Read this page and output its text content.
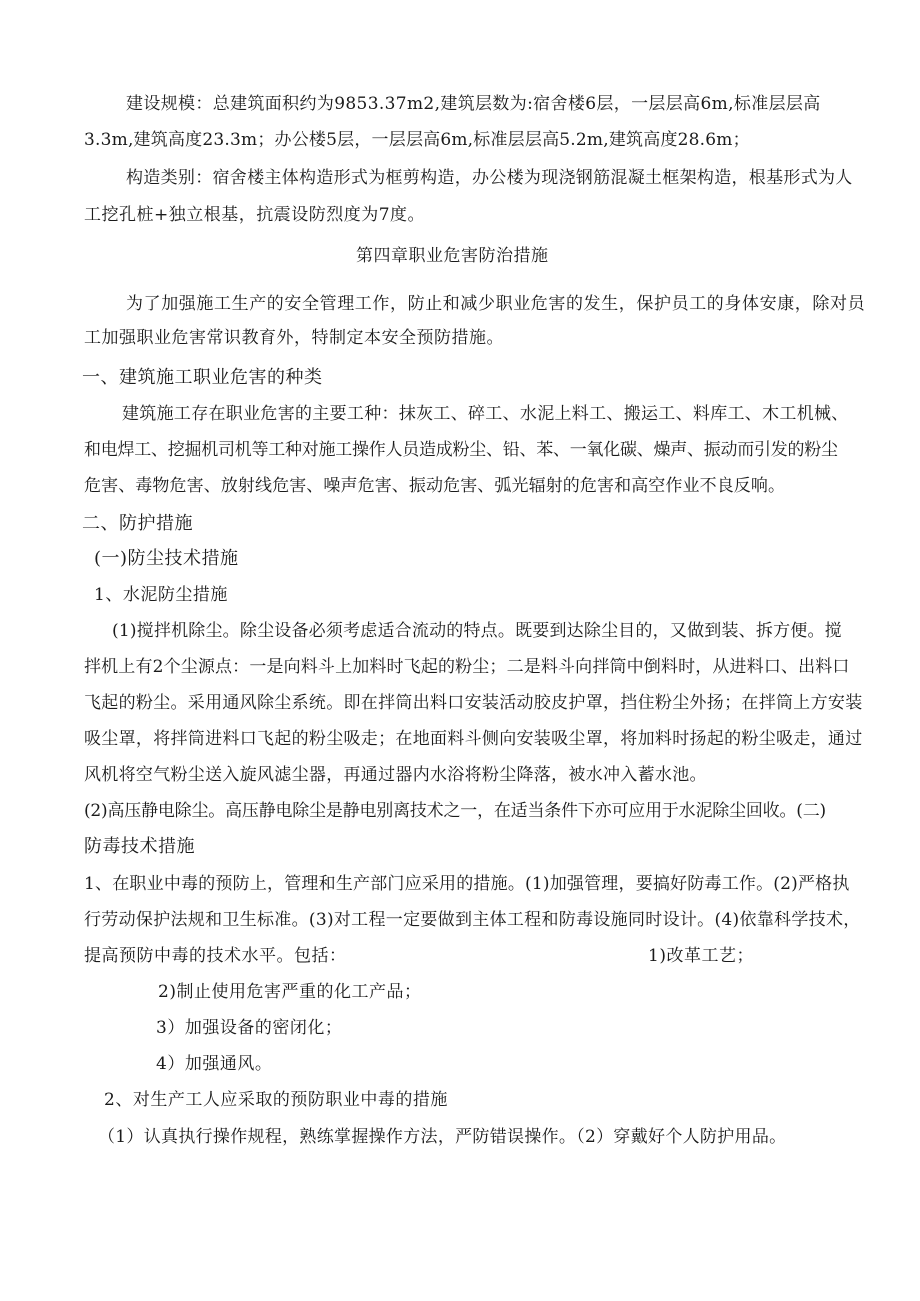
建设规模：总建筑面积约为9853.37m2,建筑层数为:宿舍楼6层，一层层高6m,标准层层高
3.3m,建筑高度23.3m；办公楼5层，一层层高6m,标准层层高5.2m,建筑高度28.6m；
构造类别：宿舍楼主体构造形式为框剪构造，办公楼为现浇钢筋混凝土框架构造，根基形式为人
工挖孔桩+独立根基，抗震设防烈度为7度。
第四章职业危害防治措施
为了加强施工生产的安全管理工作，防止和减少职业危害的发生，保护员工的身体安康，除对员
工加强职业危害常识教育外，特制定本安全预防措施。
一、建筑施工职业危害的种类
建筑施工存在职业危害的主要工种：抹灰工、碎工、水泥上料工、搬运工、料库工、木工机械、
和电焊工、挖掘机司机等工种对施工操作人员造成粉尘、铅、苯、一氧化碳、燥声、振动而引发的粉尘
危害、毒物危害、放射线危害、噪声危害、振动危害、弧光辐射的危害和高空作业不良反响。
二、防护措施
(一)防尘技术措施
1、水泥防尘措施
(1)搅拌机除尘。除尘设备必须考虑适合流动的特点。既要到达除尘目的，又做到装、拆方便。搅
拌机上有2个尘源点：一是向料斗上加料时飞起的粉尘；二是料斗向拌筒中倒料时，从进料口、出料口
飞起的粉尘。采用通风除尘系统。即在拌筒出料口安装活动胶皮护罩，挡住粉尘外扬；在拌筒上方安装
吸尘罩，将拌筒进料口飞起的粉尘吸走；在地面料斗侧向安装吸尘罩，将加料时扬起的粉尘吸走，通过
风机将空气粉尘送入旋风滤尘器，再通过器内水浴将粉尘降落，被水冲入蓄水池。
(2)高压静电除尘。高压静电除尘是静电别离技术之一，在适当条件下亦可应用于水泥除尘回收。(二)
防毒技术措施
1、在职业中毒的预防上，管理和生产部门应采用的措施。(1)加强管理，要搞好防毒工作。(2)严格执
行劳动保护法规和卫生标准。(3)对工程一定要做到主体工程和防毒设施同时设计。(4)依靠科学技术，
提高预防中毒的技术水平。包括：	1)改革工艺；
2)制止使用危害严重的化工产品；
3）加强设备的密闭化；
4）加强通风。
2、对生产工人应采取的预防职业中毒的措施
（1）认真执行操作规程，熟练掌握操作方法，严防错误操作。（2）穿戴好个人防护用品。
